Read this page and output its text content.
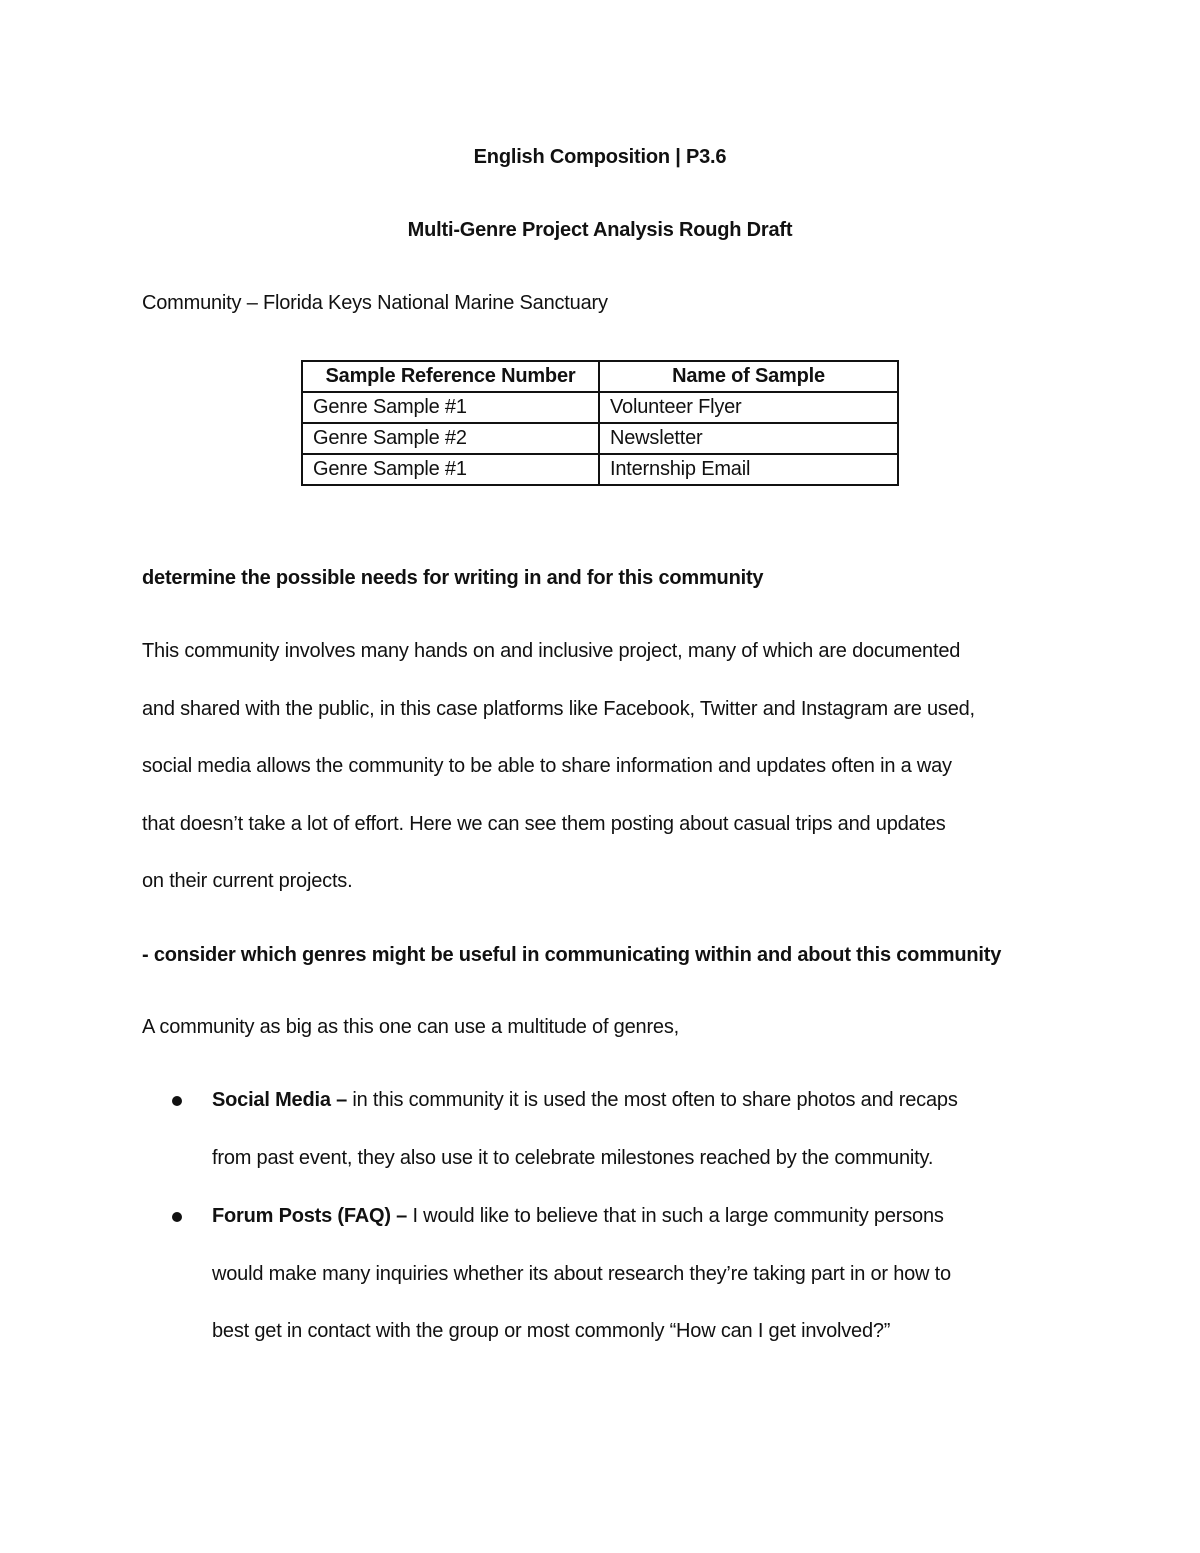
English Composition | P3.6
Multi-Genre Project Analysis Rough Draft
Community – Florida Keys National Marine Sanctuary
Sample Reference Number	Name of Sample
Genre Sample #1	Volunteer Flyer
Genre Sample #2	Newsletter
Genre Sample #1	Internship Email
determine the possible needs for writing in and for this community
This community involves many hands on and inclusive project, many of which are documented
and shared with the public, in this case platforms like Facebook, Twitter and Instagram are used,
social media allows the community to be able to share information and updates often in a way
that doesn’t take a lot of effort. Here we can see them posting about casual trips and updates
on their current projects.
- consider which genres might be useful in communicating within and about this community
A community as big as this one can use a multitude of genres,
Social Media – in this community it is used the most often to share photos and recaps
from past event, they also use it to celebrate milestones reached by the community.
Forum Posts (FAQ) – I would like to believe that in such a large community persons
would make many inquiries whether its about research they’re taking part in or how to
best get in contact with the group or most commonly “How can I get involved?”
